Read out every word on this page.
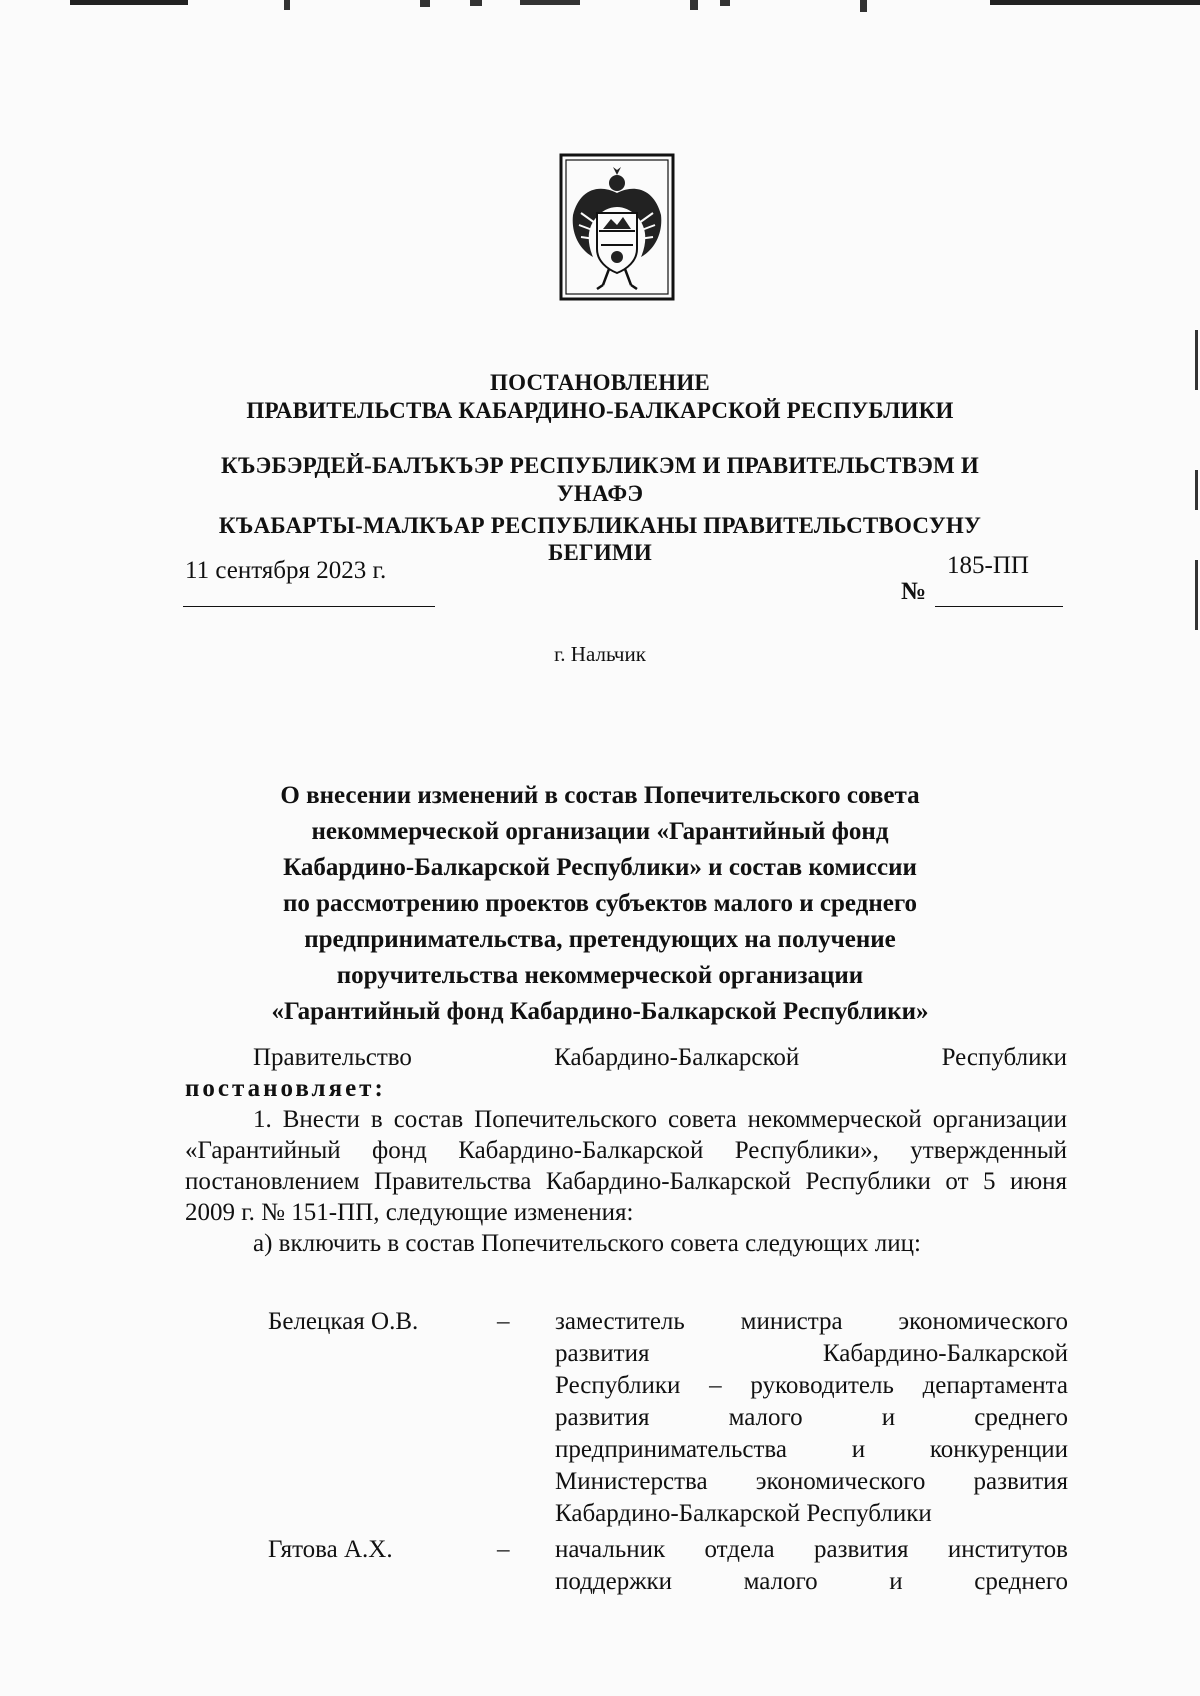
ПОСТАНОВЛЕНИЕ
ПРАВИТЕЛЬСТВА КАБАРДИНО-БАЛКАРСКОЙ РЕСПУБЛИКИ
КЪЭБЭРДЕЙ-БАЛЪКЪЭР РЕСПУБЛИКЭМ И ПРАВИТЕЛЬСТВЭМ И
УНАФЭ
КЪАБАРТЫ-МАЛКЪАР РЕСПУБЛИКАНЫ ПРАВИТЕЛЬСТВОСУНУ
БЕГИМИ
11 сентября 2023 г.
№
185-ПП
г. Нальчик
О внесении изменений в состав Попечительского совета
некоммерческой организации «Гарантийный фонд
Кабардино-Балкарской Республики» и состав комиссии
по рассмотрению проектов субъектов малого и среднего
предпринимательства, претендующих на получение
поручительства некоммерческой организации
«Гарантийный фонд Кабардино-Балкарской Республики»
Правительство Кабардино-Балкарской Республики
постановляет:
1. Внести в состав Попечительского совета некоммерческой организации «Гарантийный фонд Кабардино-Балкарской Республики», утвержденный постановлением Правительства Кабардино-Балкарской Республики от 5 июня 2009 г. № 151-ПП, следующие изменения:
а) включить в состав Попечительского совета следующих лиц:
Белецкая О.В.	– заместитель министра экономического
развития Кабардино-Балкарской
Республики – руководитель департамента
развития малого и среднего
предпринимательства и конкуренции
Министерства экономического развития
Кабардино-Балкарской Республики
Гятова А.Х.	– начальник отдела развития институтов
поддержки малого и среднего
